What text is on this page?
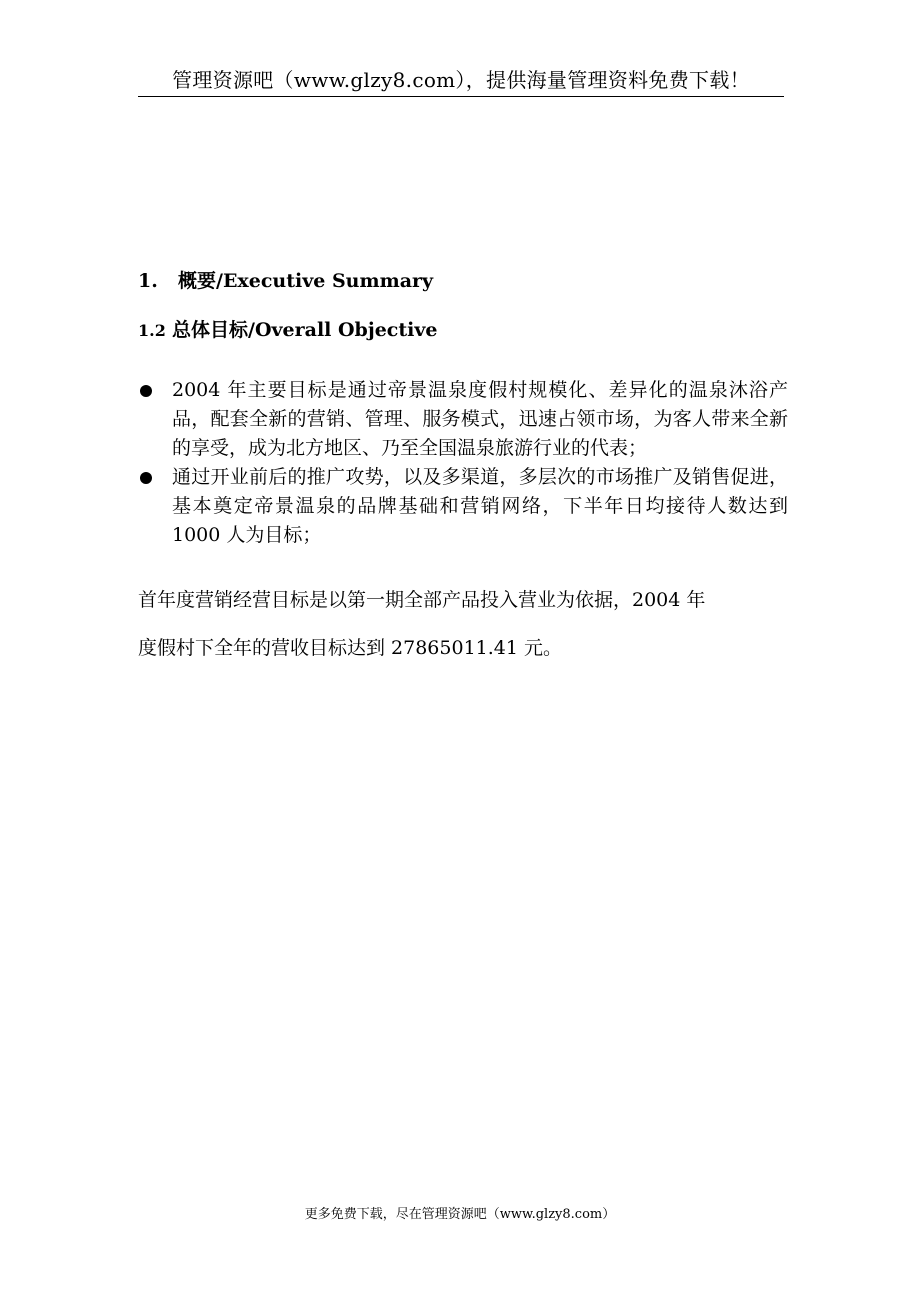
管理资源吧（www.glzy8.com），提供海量管理资料免费下载！
1. 概要/Executive Summary
1.2 总体目标/Overall Objective
2004 年主要目标是通过帝景温泉度假村规模化、差异化的温泉沐浴产品，配套全新的营销、管理、服务模式，迅速占领市场，为客人带来全新的享受，成为北方地区、乃至全国温泉旅游行业的代表；
通过开业前后的推广攻势，以及多渠道，多层次的市场推广及销售促进，基本奠定帝景温泉的品牌基础和营销网络，下半年日均接待人数达到 1000 人为目标；
首年度营销经营目标是以第一期全部产品投入营业为依据，2004 年
度假村下全年的营收目标达到 27865011.41 元。
更多免费下载，尽在管理资源吧（www.glzy8.com）
